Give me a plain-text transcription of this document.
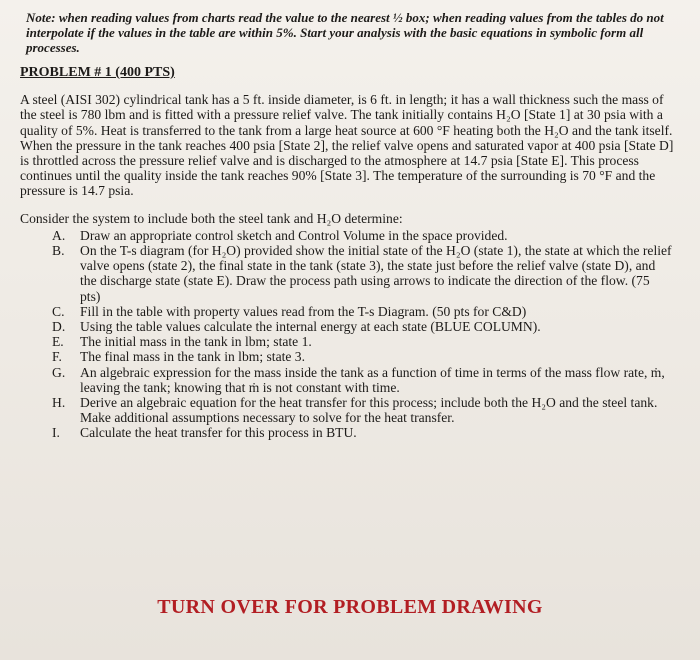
Note: when reading values from charts read the value to the nearest ½ box; when reading values from the tables do not interpolate if the values in the table are within 5%. Start your analysis with the basic equations in symbolic form all processes.

PROBLEM # 1 (400 PTS)

A steel (AISI 302) cylindrical tank has a 5 ft. inside diameter, is 6 ft. in length; it has a wall thickness such the mass of the steel is 780 lbm and is fitted with a pressure relief valve. The tank initially contains H₂O [State 1] at 30 psia with a quality of 5%. Heat is transferred to the tank from a large heat source at 600 °F heating both the H₂O and the tank itself. When the pressure in the tank reaches 400 psia [State 2], the relief valve opens and saturated vapor at 400 psia [State D] is throttled across the pressure relief valve and is discharged to the atmosphere at 14.7 psia [State E]. This process continues until the quality inside the tank reaches 90% [State 3]. The temperature of the surrounding is 70 °F and the pressure is 14.7 psia.

Consider the system to include both the steel tank and H₂O determine:

A.	Draw an appropriate control sketch and Control Volume in the space provided.
B.	On the T-s diagram (for H₂O) provided show the initial state of the H₂O (state 1), the state at which the relief valve opens (state 2), the final state in the tank (state 3), the state just before the relief valve (state D), and the discharge state (state E). Draw the process path using arrows to indicate the direction of the flow. (75 pts)
C.	Fill in the table with property values read from the T-s Diagram. (50 pts for C&D)
D.	Using the table values calculate the internal energy at each state (BLUE COLUMN).
E.	The initial mass in the tank in lbm; state 1.
F.	The final mass in the tank in lbm; state 3.
G.	An algebraic expression for the mass inside the tank as a function of time in terms of the mass flow rate, ṁ, leaving the tank; knowing that ṁ is not constant with time.
H.	Derive an algebraic equation for the heat transfer for this process; include both the H₂O and the steel tank. Make additional assumptions necessary to solve for the heat transfer.
I.	Calculate the heat transfer for this process in BTU.
TURN OVER FOR PROBLEM DRAWING
